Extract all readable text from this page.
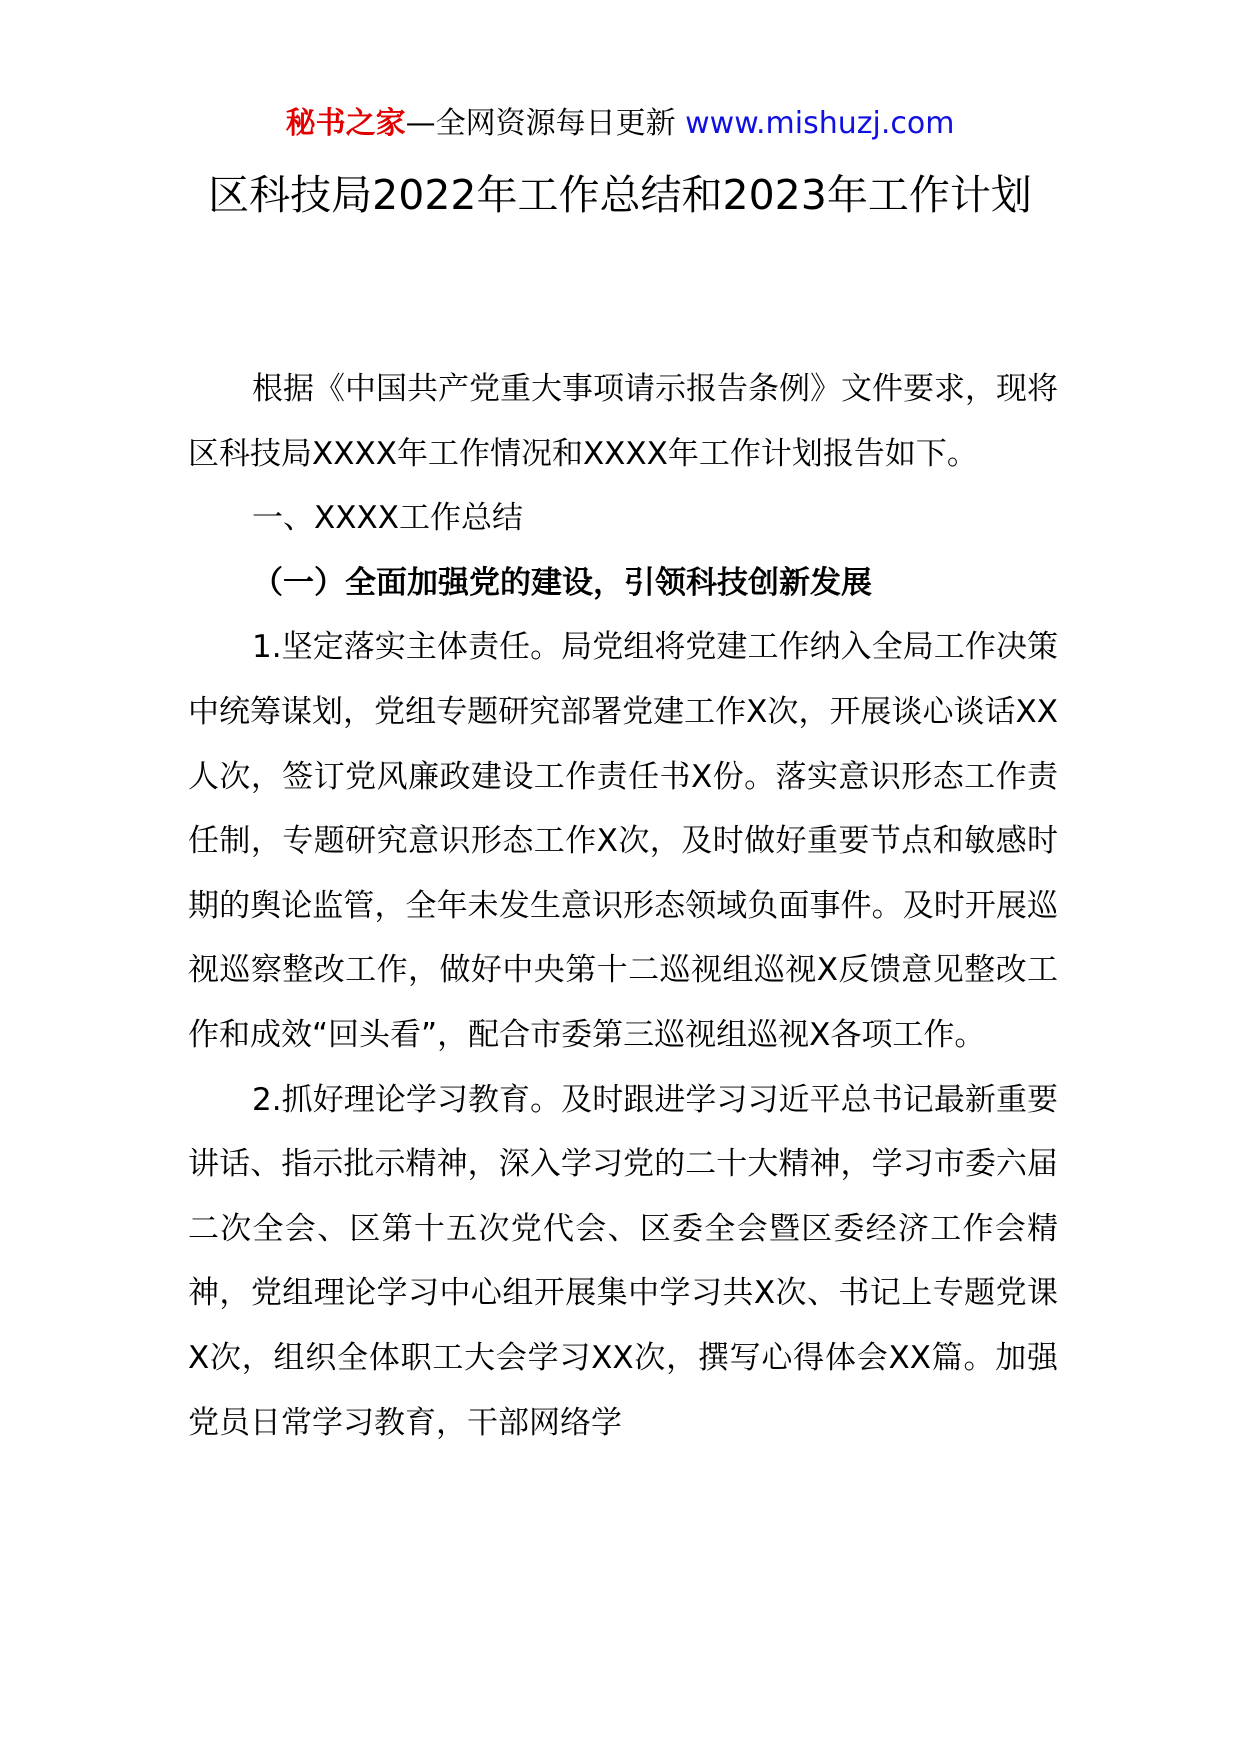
秘书之家—全网资源每日更新 www.mishuzj.com
区科技局2022年工作总结和2023年工作计划

根据《中国共产党重大事项请示报告条例》文件要求，现将区科技局XXXX年工作情况和XXXX年工作计划报告如下。

一、XXXX工作总结

（一）全面加强党的建设，引领科技创新发展

1.坚定落实主体责任。局党组将党建工作纳入全局工作决策中统筹谋划，党组专题研究部署党建工作X次，开展谈心谈话XX人次，签订党风廉政建设工作责任书X份。落实意识形态工作责任制，专题研究意识形态工作X次，及时做好重要节点和敏感时期的舆论监管，全年未发生意识形态领域负面事件。及时开展巡视巡察整改工作，做好中央第十二巡视组巡视X反馈意见整改工作和成效“回头看”，配合市委第三巡视组巡视X各项工作。

2.抓好理论学习教育。及时跟进学习习近平总书记最新重要讲话、指示批示精神，深入学习党的二十大精神，学习市委六届二次全会、区第十五次党代会、区委全会暨区委经济工作会精神，党组理论学习中心组开展集中学习共X次、书记上专题党课X次，组织全体职工大会学习XX次，撰写心得体会XX篇。加强党员日常学习教育，干部网络学
